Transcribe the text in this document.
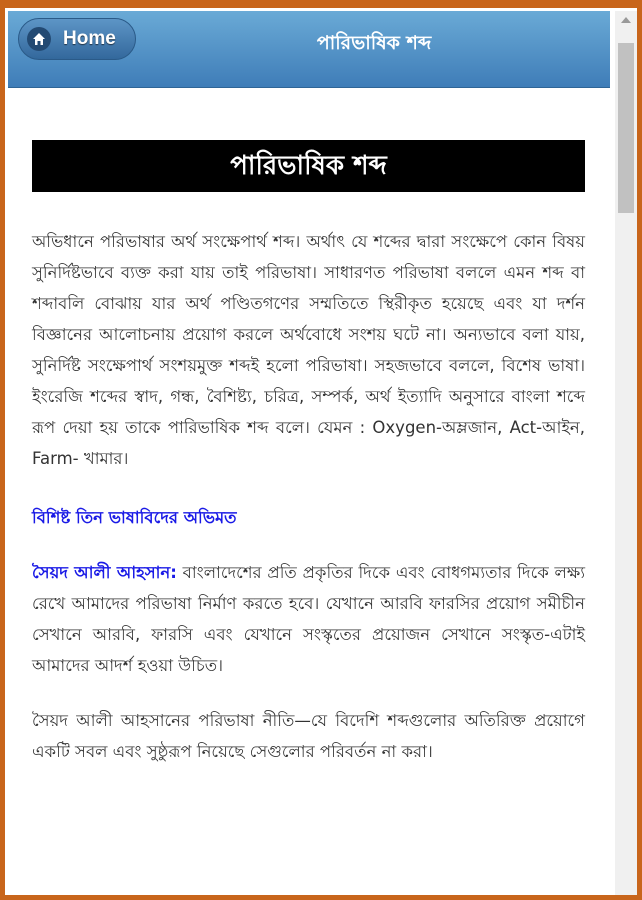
Home	পারিভাষিক শব্দ
পারিভাষিক শব্দ

অভিধানে পরিভাষার অর্থ সংক্ষেপার্থ শব্দ। অর্থাৎ যে শব্দের দ্বারা সংক্ষেপে কোন বিষয় সুনির্দিষ্টভাবে ব্যক্ত করা যায় তাই পরিভাষা। সাধারণত পরিভাষা বললে এমন শব্দ বা শব্দাবলি বোঝায় যার অর্থ পণ্ডিতগণের সম্মতিতে স্থিরীকৃত হয়েছে এবং যা দর্শন বিজ্ঞানের আলোচনায় প্রয়োগ করলে অর্থবোধে সংশয় ঘটে না। অন্যভাবে বলা যায়, সুনির্দিষ্ট সংক্ষেপার্থ সংশয়মুক্ত শব্দই হলো পরিভাষা। সহজভাবে বললে, বিশেষ ভাষা। ইংরেজি শব্দের স্বাদ, গন্ধ, বৈশিষ্ট্য, চরিত্র, সম্পর্ক, অর্থ ইত্যাদি অনুসারে বাংলা শব্দে রূপ দেয়া হয় তাকে পারিভাষিক শব্দ বলে। যেমন : Oxygen-অম্লজান, Act-আইন, Farm- খামার।

বিশিষ্ট তিন ভাষাবিদের অভিমত

সৈয়দ আলী আহসান: বাংলাদেশের প্রতি প্রকৃতির দিকে এবং বোধগম্যতার দিকে লক্ষ্য রেখে আমাদের পরিভাষা নির্মাণ করতে হবে। যেখানে আরবি ফারসির প্রয়োগ সমীচীন সেখানে আরবি, ফারসি এবং যেখানে সংস্কৃতের প্রয়োজন সেখানে সংস্কৃত-এটাই আমাদের আদর্শ হওয়া উচিত।

সৈয়দ আলী আহসানের পরিভাষা নীতি—যে বিদেশি শব্দগুলোর অতিরিক্ত প্রয়োগে একটি সবল এবং সুষ্ঠুরূপ নিয়েছে সেগুলোর পরিবর্তন না করা।
